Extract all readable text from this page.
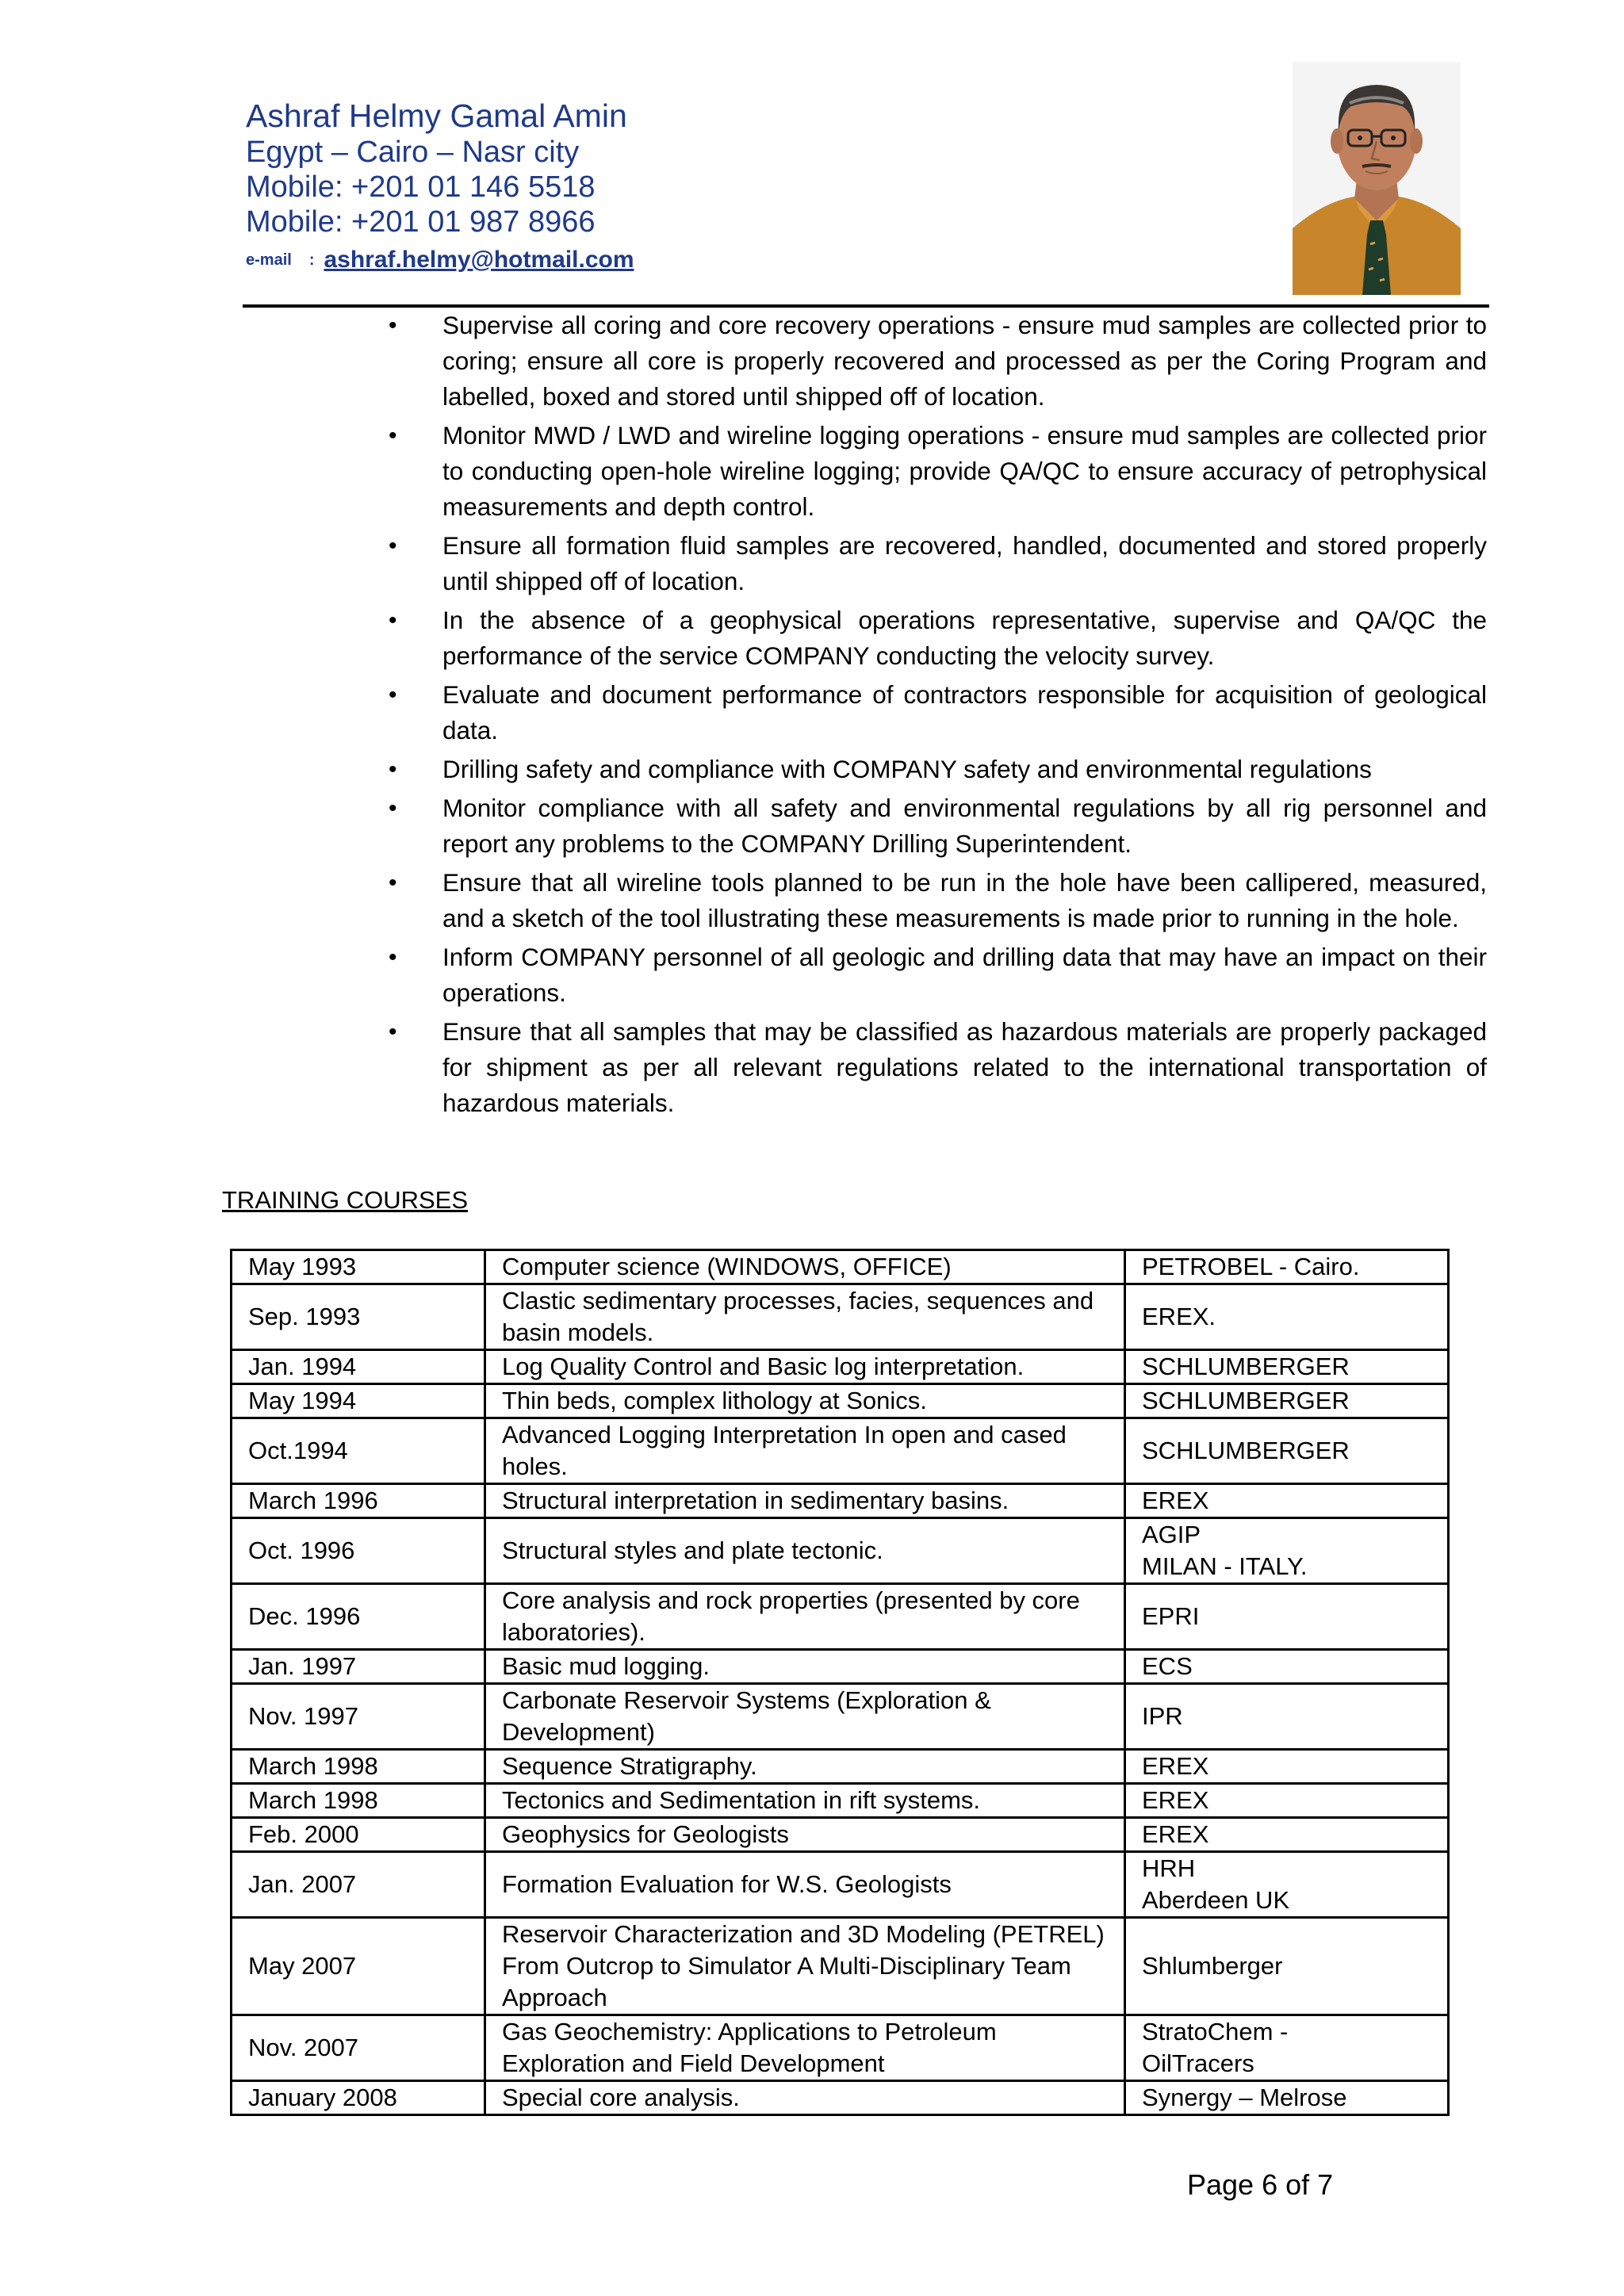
Ashraf Helmy Gamal Amin
Egypt – Cairo – Nasr city
Mobile: +201 01 146 5518
Mobile: +201 01 987 8966
e-mail : ashraf.helmy@hotmail.com
• Supervise all coring and core recovery operations - ensure mud samples are collected prior to coring; ensure all core is properly recovered and processed as per the Coring Program and labelled, boxed and stored until shipped off of location.
• Monitor MWD / LWD and wireline logging operations - ensure mud samples are collected prior to conducting open-hole wireline logging; provide QA/QC to ensure accuracy of petrophysical measurements and depth control.
• Ensure all formation fluid samples are recovered, handled, documented and stored properly until shipped off of location.
• In the absence of a geophysical operations representative, supervise and QA/QC the performance of the service COMPANY conducting the velocity survey.
• Evaluate and document performance of contractors responsible for acquisition of geological data.
• Drilling safety and compliance with COMPANY safety and environmental regulations
• Monitor compliance with all safety and environmental regulations by all rig personnel and report any problems to the COMPANY Drilling Superintendent.
• Ensure that all wireline tools planned to be run in the hole have been callipered, measured, and a sketch of the tool illustrating these measurements is made prior to running in the hole.
• Inform COMPANY personnel of all geologic and drilling data that may have an impact on their operations.
• Ensure that all samples that may be classified as hazardous materials are properly packaged for shipment as per all relevant regulations related to the international transportation of hazardous materials.
TRAINING COURSES
May 1993	Computer science (WINDOWS, OFFICE)	PETROBEL - Cairo.
Sep. 1993	Clastic sedimentary processes, facies, sequences and basin models.	EREX.
Jan. 1994	Log Quality Control and Basic log interpretation.	SCHLUMBERGER
May 1994	Thin beds, complex lithology at Sonics.	SCHLUMBERGER
Oct.1994	Advanced Logging Interpretation In open and cased holes.	SCHLUMBERGER
March 1996	Structural interpretation in sedimentary basins.	EREX
Oct. 1996	Structural styles and plate tectonic.	AGIP
MILAN - ITALY.
Dec. 1996	Core analysis and rock properties (presented by core laboratories).	EPRI
Jan. 1997	Basic mud logging.	ECS
Nov. 1997	Carbonate Reservoir Systems (Exploration & Development)	IPR
March 1998	Sequence Stratigraphy.	EREX
March 1998	Tectonics and Sedimentation in rift systems.	EREX
Feb. 2000	Geophysics for Geologists	EREX
Jan. 2007	Formation Evaluation for W.S. Geologists	HRH
Aberdeen UK
May 2007	Reservoir Characterization and 3D Modeling (PETREL) From Outcrop to Simulator A Multi-Disciplinary Team Approach	Shlumberger
Nov. 2007	Gas Geochemistry: Applications to Petroleum Exploration and Field Development	StratoChem -
OilTracers
January 2008	Special core analysis.	Synergy – Melrose
Page 6 of 7
